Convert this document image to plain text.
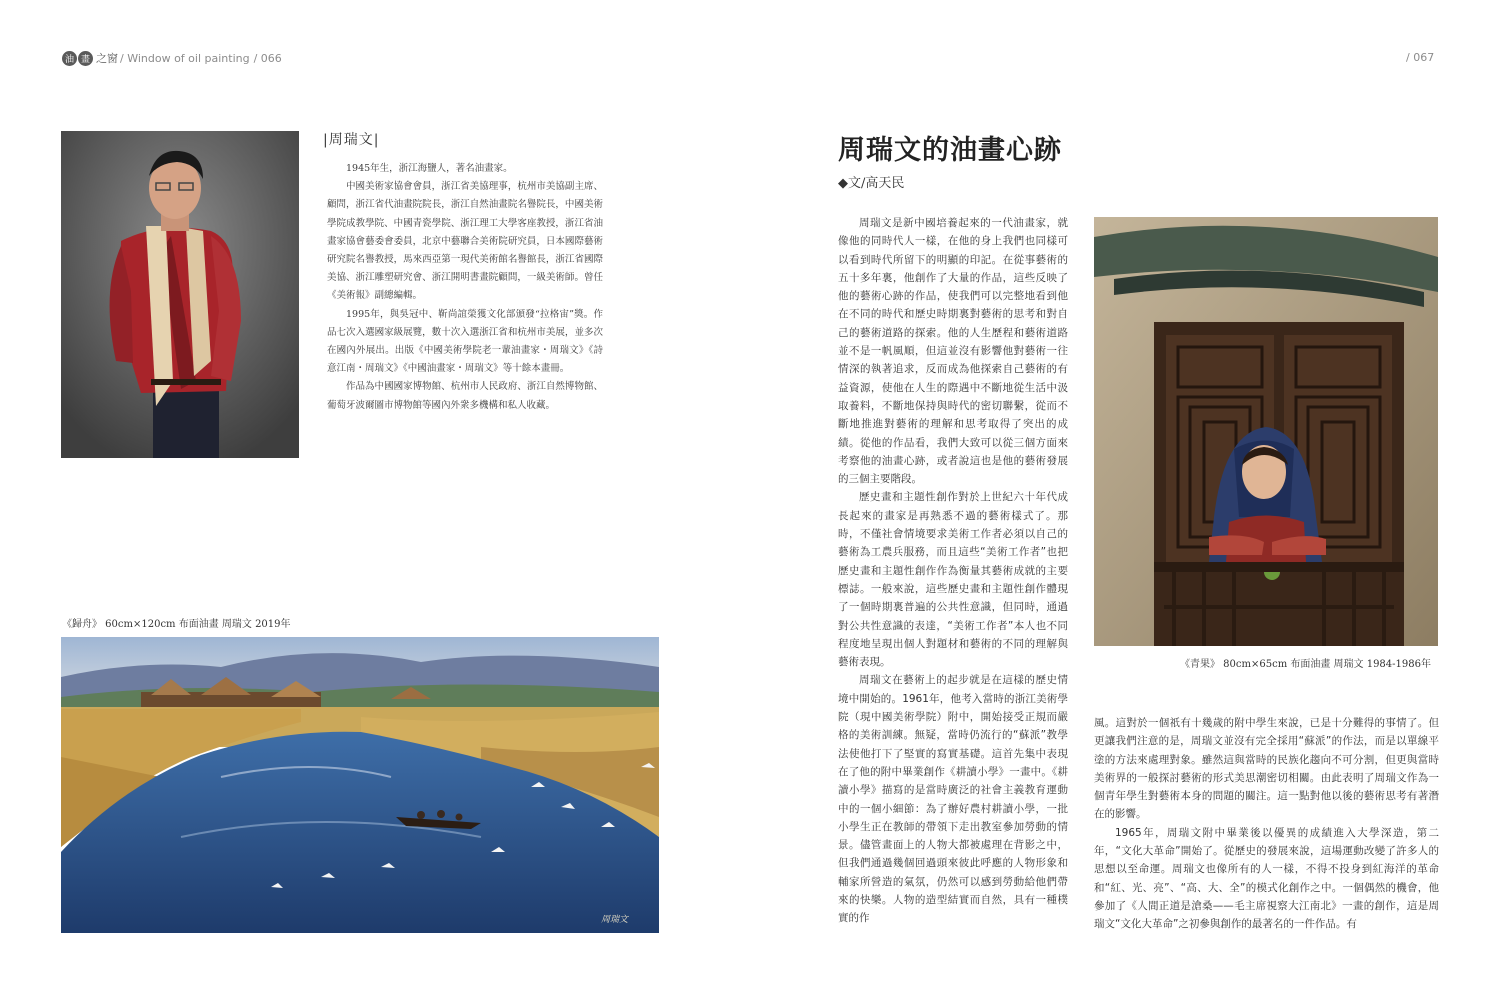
油 畫 之窗 / Window of oil painting / 066	/ 067
|周瑞文|

1945年生，浙江海鹽人，著名油畫家。

中國美術家協會會員，浙江省美協理事，杭州市美協副主席、顧問，浙江省代油畫院院長，浙江自然油畫院名譽院長，中國美術學院成教學院、中國青瓷學院、浙江理工大學客座教授，浙江省油畫家協會藝委會委員，北京中藝聯合美術院研究員，日本國際藝術研究院名譽教授，馬來西亞第一現代美術館名譽館長，浙江省國際美協、浙江雕塑研究會、浙江開明書畫院顧問，一級美術師。曾任《美術報》副總編輯。

1995年，與吳冠中、靳尚誼榮獲文化部頒發“拉格宙”獎。作品七次入選國家級展覽，數十次入選浙江省和杭州市美展，並多次在國內外展出。出版《中國美術學院老一輩油畫家・周瑞文》《詩意江南・周瑞文》《中國油畫家・周瑞文》等十餘本畫冊。

作品為中國國家博物館、杭州市人民政府、浙江自然博物館、葡萄牙波爾圖市博物館等國內外衆多機構和私人收藏。

《歸舟》 60cm×120cm 布面油畫 周瑞文 2019年
周瑞文
周瑞文的油畫心跡
◆文/高天民

周瑞文是新中國培養起來的一代油畫家，就像他的同時代人一樣，在他的身上我們也同樣可以看到時代所留下的明顯的印記。在從事藝術的五十多年裏，他創作了大量的作品，這些反映了他的藝術心跡的作品，使我們可以完整地看到他在不同的時代和歷史時期裏對藝術的思考和對自己的藝術道路的探索。他的人生歷程和藝術道路並不是一帆風順，但這並沒有影響他對藝術一往情深的執著追求，反而成為他探索自己藝術的有益資源，使他在人生的際遇中不斷地從生活中汲取養料，不斷地保持與時代的密切聯繫，從而不斷地推進對藝術的理解和思考取得了突出的成績。從他的作品看，我們大致可以從三個方面來考察他的油畫心跡，或者說這也是他的藝術發展的三個主要階段。

歷史畫和主題性創作對於上世紀六十年代成長起來的畫家是再熟悉不過的藝術樣式了。那時，不僅社會情境要求美術工作者必須以自己的藝術為工農兵服務，而且這些“美術工作者”也把歷史畫和主題性創作作為衡量其藝術成就的主要標誌。一般來說，這些歷史畫和主題性創作體現了一個時期裏普遍的公共性意識，但同時，通過對公共性意識的表達，“美術工作者”本人也不同程度地呈現出個人對題材和藝術的不同的理解與藝術表現。

周瑞文在藝術上的起步就是在這樣的歷史情境中開始的。1961年，他考入當時的浙江美術學院（現中國美術學院）附中，開始接受正規而嚴格的美術訓練。無疑，當時仍流行的“蘇派”教學法使他打下了堅實的寫實基礎。這首先集中表現在了他的附中畢業創作《耕讀小學》一畫中。《耕讀小學》描寫的是當時廣泛的社會主義教育運動中的一個小細節：為了辦好農村耕讀小學，一批小學生正在教師的帶領下走出教室參加勞動的情景。儘管畫面上的人物大都被處理在背影之中，但我們通過幾個回過頭來彼此呼應的人物形象和輔家所營造的氣氛，仍然可以感到勞動給他們帶來的快樂。人物的造型結實而自然，具有一種樸實的作

《青果》 80cm×65cm 布面油畫 周瑞文 1984-1986年

風。這對於一個祇有十幾歲的附中學生來說，已是十分難得的事情了。但更讓我們注意的是，周瑞文並沒有完全採用“蘇派”的作法，而是以單線平塗的方法來處理對象。雖然這與當時的民族化趨向不可分割，但更與當時美術界的一般探討藝術的形式美思潮密切相關。由此表明了周瑞文作為一個青年學生對藝術本身的問題的關注。這一點對他以後的藝術思考有著潛在的影響。

1965年，周瑞文附中畢業後以優異的成績進入大學深造，第二年，“文化大革命”開始了。從歷史的發展來說，這場運動改變了許多人的思想以至命運。周瑞文也像所有的人一樣，不得不投身到紅海洋的革命和“紅、光、亮”、“高、大、全”的模式化創作之中。一個偶然的機會，他參加了《人間正道是滄桑——毛主席視察大江南北》一畫的創作，這是周瑞文“文化大革命”之初參與創作的最著名的一件作品。有
